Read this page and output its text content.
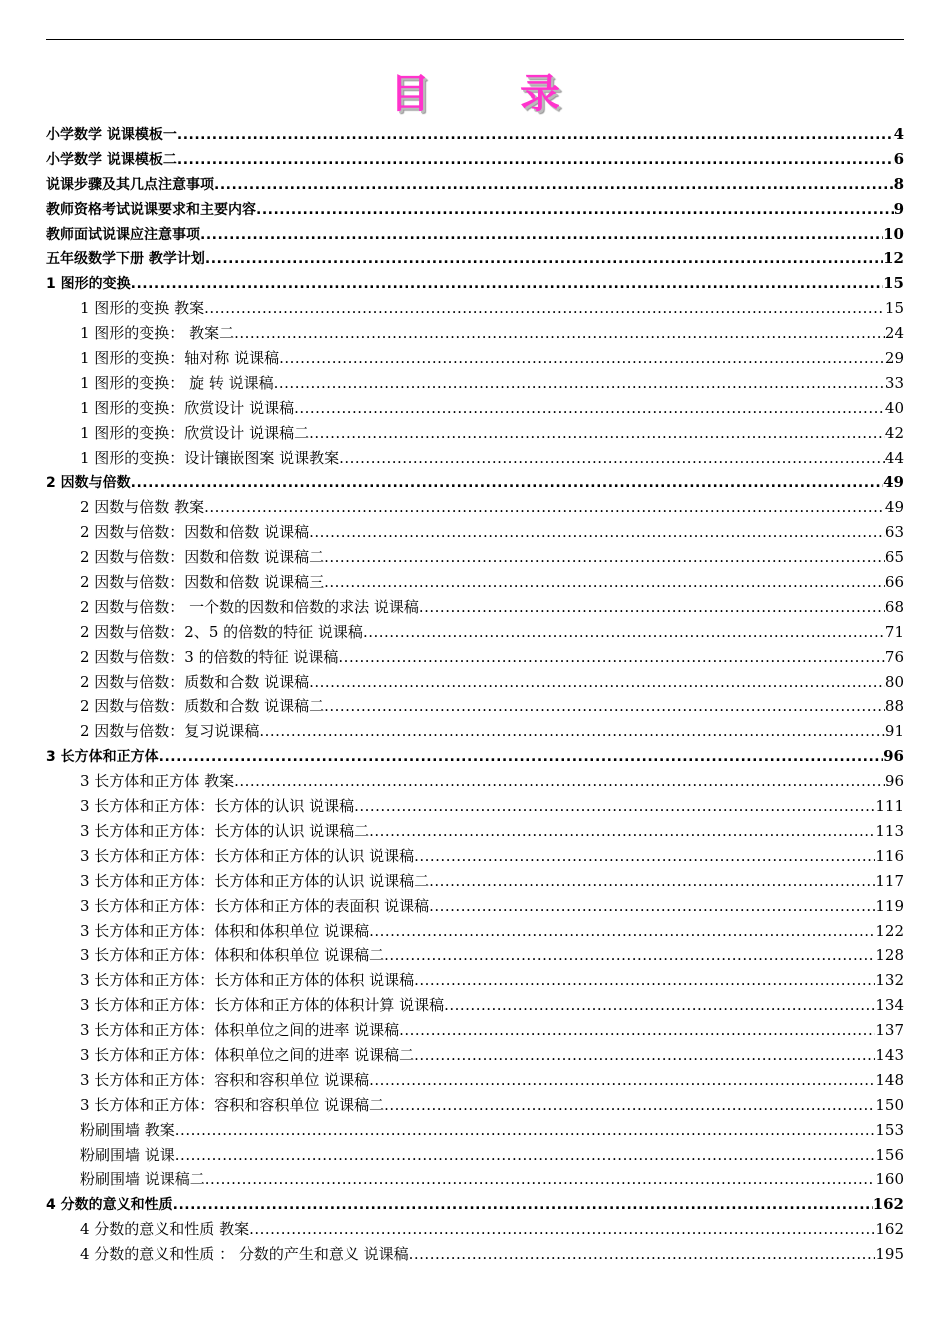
目 录
小学数学 说课模板一 .....	4
小学数学 说课模板二 .....	6
说课步骤及其几点注意事项 .....	8
教师资格考试说课要求和主要内容 .....	9
教师面试说课应注意事项 .....	10
五年级数学下册 教学计划 .....	12
1 图形的变换 .....	15
1 图形的变换 教案 .....	15
1 图形的变换： 教案二 .....	24
1 图形的变换：轴对称 说课稿 .....	29
1 图形的变换： 旋 转 说课稿 .....	33
1 图形的变换：欣赏设计 说课稿 .....	40
1 图形的变换：欣赏设计 说课稿二 .....	42
1 图形的变换：设计镶嵌图案 说课教案 .....	44
2 因数与倍数 .....	49
2 因数与倍数 教案 .....	49
2 因数与倍数：因数和倍数 说课稿 .....	63
2 因数与倍数：因数和倍数 说课稿二 .....	65
2 因数与倍数：因数和倍数 说课稿三 .....	66
2 因数与倍数： 一个数的因数和倍数的求法 说课稿 .....	68
2 因数与倍数：2、5 的倍数的特征 说课稿 .....	71
2 因数与倍数：3 的倍数的特征 说课稿 .....	76
2 因数与倍数：质数和合数 说课稿 .....	80
2 因数与倍数：质数和合数 说课稿二 .....	88
2 因数与倍数：复习说课稿 .....	91
3 长方体和正方体 .....	96
3 长方体和正方体 教案 .....	96
3 长方体和正方体：长方体的认识 说课稿 .....	111
3 长方体和正方体：长方体的认识 说课稿二 .....	113
3 长方体和正方体：长方体和正方体的认识 说课稿 .....	116
3 长方体和正方体：长方体和正方体的认识 说课稿二 .....	117
3 长方体和正方体：长方体和正方体的表面积 说课稿 .....	119
3 长方体和正方体：体积和体积单位 说课稿 .....	122
3 长方体和正方体：体积和体积单位 说课稿二 .....	128
3 长方体和正方体：长方体和正方体的体积 说课稿 .....	132
3 长方体和正方体：长方体和正方体的体积计算 说课稿 .....	134
3 长方体和正方体：体积单位之间的进率 说课稿 .....	137
3 长方体和正方体：体积单位之间的进率 说课稿二 .....	143
3 长方体和正方体：容积和容积单位 说课稿 .....	148
3 长方体和正方体：容积和容积单位 说课稿二 .....	150
粉刷围墙 教案 .....	153
粉刷围墙 说课 .....	156
粉刷围墙 说课稿二 .....	160
4 分数的意义和性质 .....	162
4 分数的意义和性质 教案 .....	162
4 分数的意义和性质 ： 分数的产生和意义 说课稿 .....	195
